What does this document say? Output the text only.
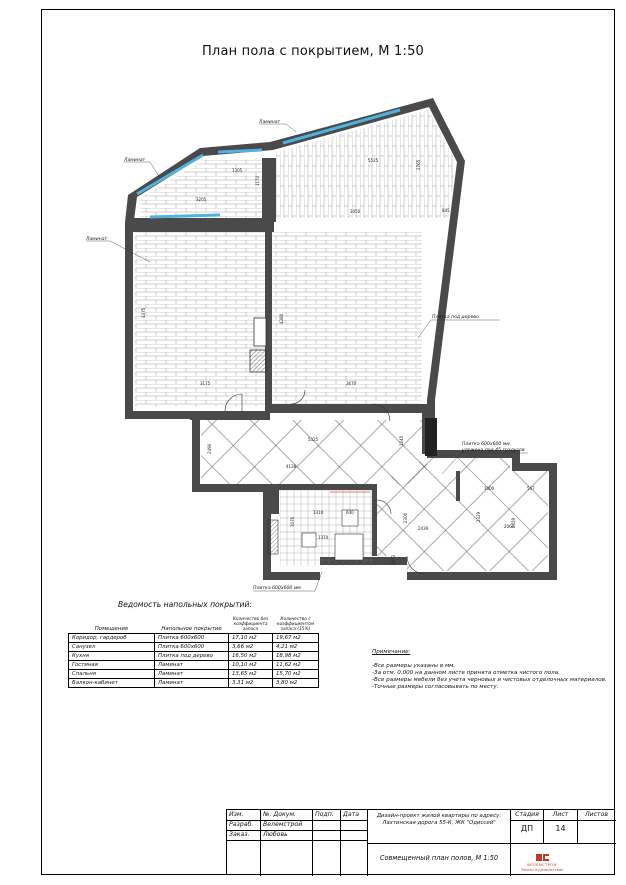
План пола с покрытием, М 1:50
Ламинат
Ламинат
Ламинат
Плитка под дерево
Плитка 600х600 мм,
уложена под 45 градусов
Плитка 600х600 мм
1305
1170
3205
5525	2765
3050	845
4375
4380
3175	3670
5325	1245
2490
4138
1000	547
2300
2439
2329
2061
2659
1310	640
1370
1070
1073
Ведомость напольных покрытий:
Помещение	Напольное покрытие	Количество без коэффициента запаса	Количество с коэффициентом запаса (15%)
Коридор, гардероб	Плитка 600х600	17,10 м2	19,67 м2
Санузел	Плитка 600х600	3,66 м2	4,21 м2
Кухня	Плитка под дерево	16,50 м2	18,98 м2
Гостиная	Ламинат	10,10 м2	11,62 м2
Спальня	Ламинат	13,65 м2	15,70 м2
Балкон-кабинет	Ламинат	3,31 м2	3,80 м2
Примечание:
-Все размеры указаны в мм.
-За отм. 0.000 на данном листе принята отметка чистого пола.
-Все размеры мебели без учета черновых и чистовых отделочных материалов.
-Точные размеры согласовывать по месту.
Изм.	№. Докум.	Подп. Дата
Разраб. Велемстрой
Заказ. Любовь
Дизайн-проект жилой квартиры по адресу: Лахтинская дорога 55-К, ЖК "Одиссей"
Совмещенный план полов, М 1:50
Стадия	Лист	Листов
ДП	14
ВЕЛЕМСТРОЙ
Ремонт в удовольствие
